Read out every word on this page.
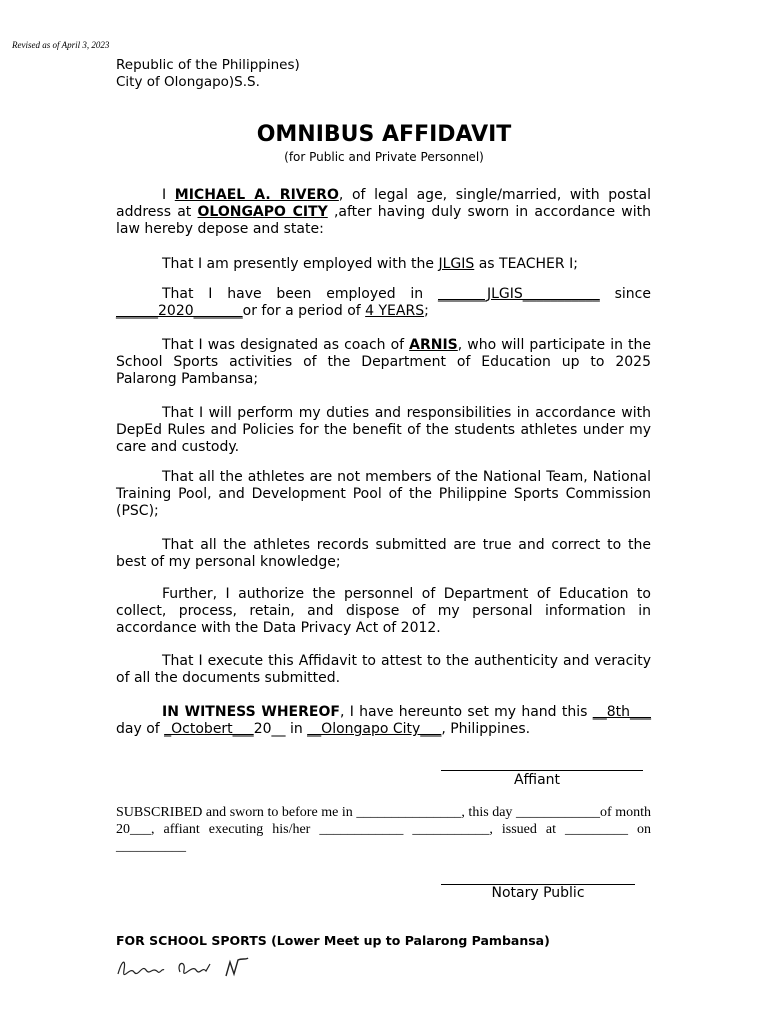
Revised as of April 3, 2023
Republic of the Philippines)
City of Olongapo)S.S.
OMNIBUS AFFIDAVIT
(for Public and Private Personnel)
I MICHAEL A. RIVERO, of legal age, single/married, with postal address at OLONGAPO CITY ,after having duly sworn in accordance with law hereby depose and state:
That I am presently employed with the JLGIS as TEACHER I;
That I have been employed in _______JLGIS___________ since ______2020_______or for a period of 4 YEARS;
That I was designated as coach of ARNIS, who will participate in the School Sports activities of the Department of Education up to 2025 Palarong Pambansa;
That I will perform my duties and responsibilities in accordance with DepEd Rules and Policies for the benefit of the students athletes under my care and custody.
That all the athletes are not members of the National Team, National Training Pool, and Development Pool of the Philippine Sports Commission (PSC);
That all the athletes records submitted are true and correct to the best of my personal knowledge;
Further, I authorize the personnel of Department of Education to collect, process, retain, and dispose of my personal information in accordance with the Data Privacy Act of 2012.
That I execute this Affidavit to attest to the authenticity and veracity of all the documents submitted.
IN WITNESS WHEREOF, I have hereunto set my hand this __8th___ day of _Octobert___20__ in __Olongapo City___, Philippines.
Affiant
SUBSCRIBED and sworn to before me in _______________, this day ____________of month 20___, affiant executing his/her ____________ ___________, issued at _________ on __________
Notary Public
FOR SCHOOL SPORTS (Lower Meet up to Palarong Pambansa)
